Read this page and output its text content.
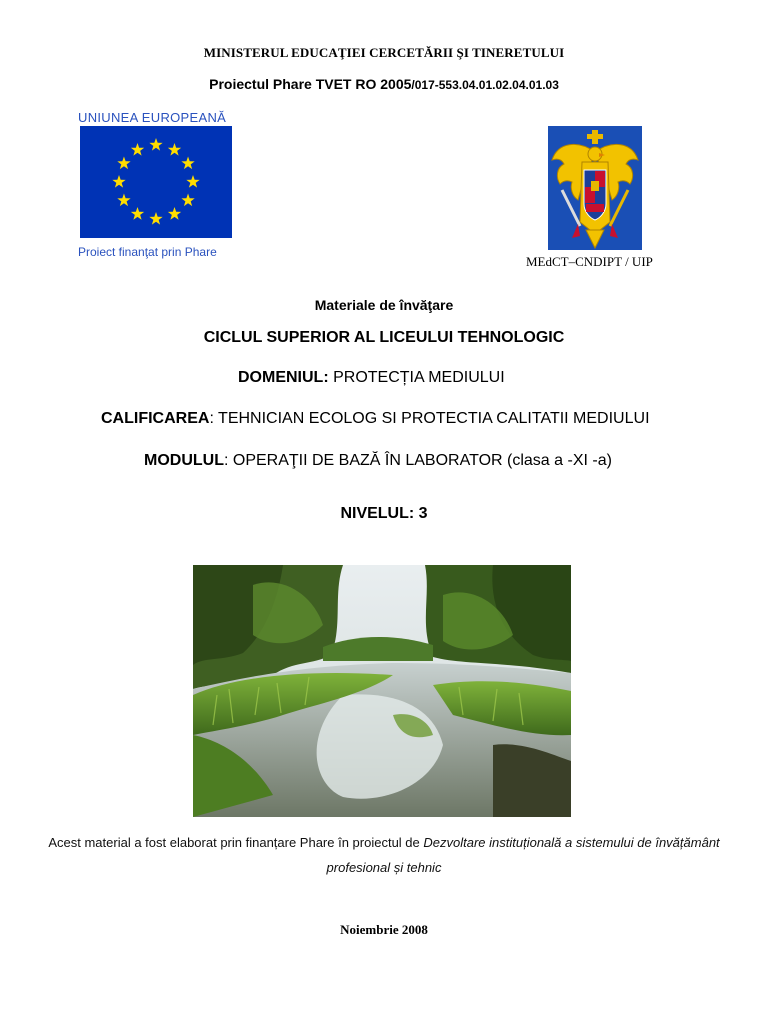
MINISTERUL EDUCAŢIEI CERCETĂRII ŞI TINERETULUI
Proiectul Phare TVET RO 2005/017-553.04.01.02.04.01.03
UNIUNEA EUROPEANĂ
Proiect finanţat prin Phare
MEdCT–CNDIPT / UIP
Materiale de învăţare
CICLUL SUPERIOR AL LICEULUI TEHNOLOGIC
DOMENIUL: PROTECȚIA MEDIULUI
CALIFICAREA: TEHNICIAN ECOLOG SI PROTECTIA CALITATII MEDIULUI
MODULUL: OPERAŢII DE BAZĂ ÎN LABORATOR (clasa a -XI -a)
NIVELUL: 3
Acest material a fost elaborat prin finanțare Phare în proiectul de Dezvoltare instituțională a sistemului de învățământ profesional și tehnic
Noiembrie 2008
